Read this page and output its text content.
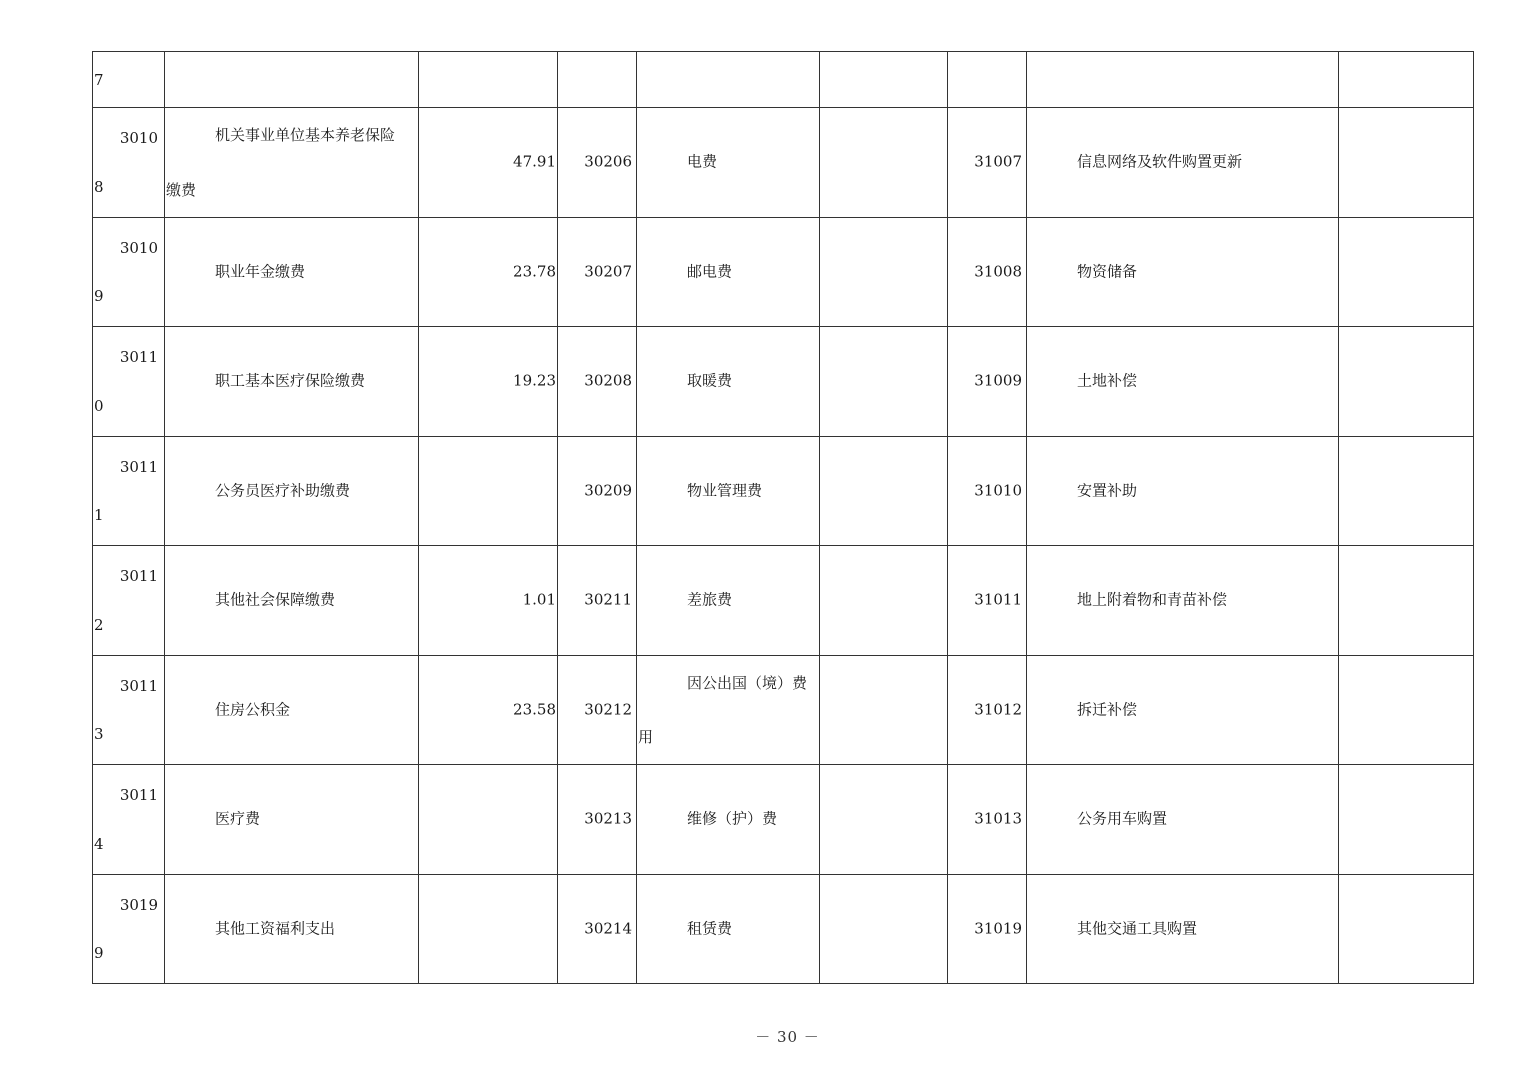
7								

3010
8	机关事业单位基本养老保险
缴费	47.91	30206	电费		31007	信息网络及软件购置更新	

3010
9	职业年金缴费	23.78	30207	邮电费		31008	物资储备	

3011
0	职工基本医疗保险缴费	19.23	30208	取暖费		31009	土地补偿	

3011
1	公务员医疗补助缴费		30209	物业管理费		31010	安置补助	

3011
2	其他社会保障缴费	1.01	30211	差旅费		31011	地上附着物和青苗补偿	

3011
3	住房公积金	23.58	30212	因公出国（境）费
用		31012	拆迁补偿	

3011
4	医疗费		30213	维修（护）费		31013	公务用车购置	

3019
9	其他工资福利支出		30214	租赁费		31019	其他交通工具购置	

－ 30 －
